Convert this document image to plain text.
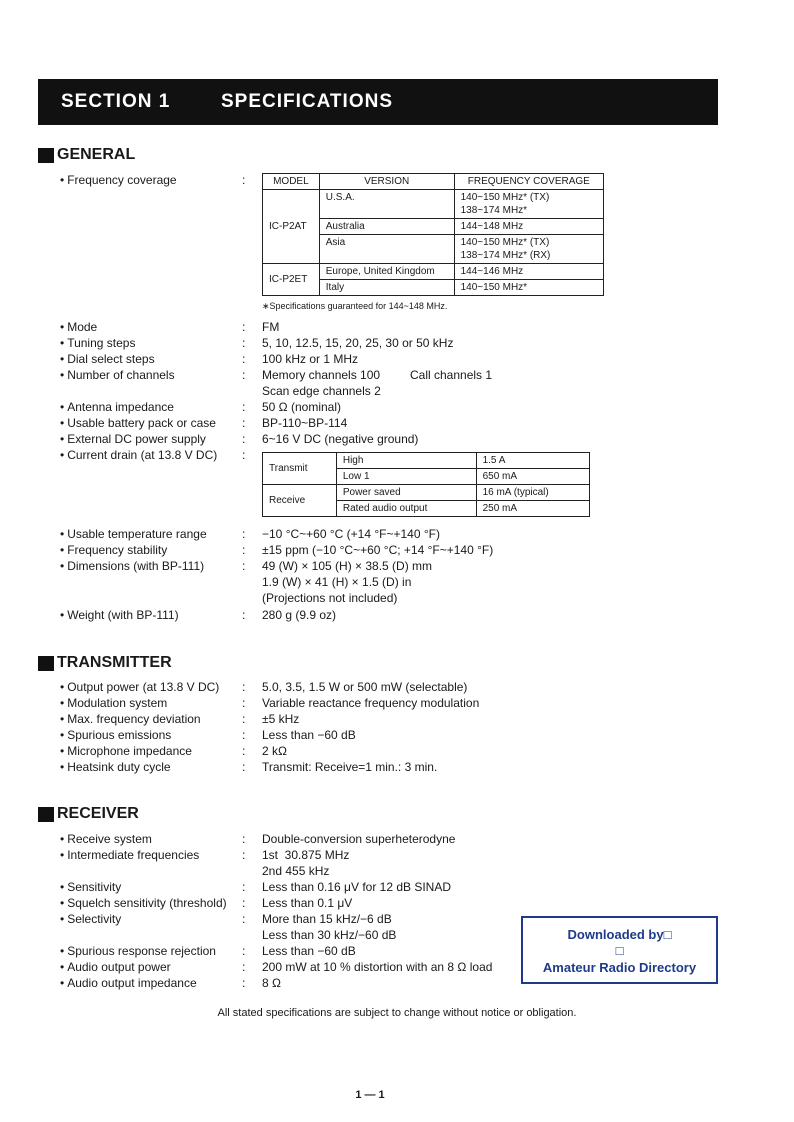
SECTION 1	SPECIFICATIONS
GENERAL
• Frequency coverage	:	MODEL	VERSION	FREQUENCY COVERAGE
IC-P2AT	U.S.A.	140~150 MHz* (TX)
138~174 MHz*

	Australia	144~148 MHz
	Asia	140~150 MHz* (TX)
138~174 MHz* (RX)

IC-P2ET	Europe, United Kingdom	144~146 MHz
	Italy	140~150 MHz*
∗Specifications guaranteed for 144~148 MHz.
• Mode	: FM
• Tuning steps	: 5, 10, 12.5, 15, 20, 25, 30 or 50 kHz
• Dial select steps	: 100 kHz or 1 MHz
• Number of channels	: Memory channels 100 Call channels 1
Scan edge channels 2
• Antenna impedance	: 50 Ω (nominal)
• Usable battery pack or case : BP-110~BP-114
• External DC power supply	: 6~16 V DC (negative ground)
• Current drain (at 13.8 V DC) :
Transmit	High	1.5 A
	Low 1	650 mA
Receive	Power saved	16 mA (typical)
	Rated audio output	250 mA
• Usable temperature range	: −10 °C~+60 °C (+14 °F~+140 °F)
• Frequency stability	: ±15 ppm (−10 °C~+60 °C; +14 °F~+140 °F)
• Dimensions (with BP-111)	: 49 (W) × 105 (H) × 38.5 (D) mm
1.9 (W) × 41 (H) × 1.5 (D) in
(Projections not included)
• Weight (with BP-111)	: 280 g (9.9 oz)
TRANSMITTER
• Output power (at 13.8 V DC) : 5.0, 3.5, 1.5 W or 500 mW (selectable)
• Modulation system	: Variable reactance frequency modulation
• Max. frequency deviation	: ±5 kHz
• Spurious emissions	: Less than −60 dB
• Microphone impedance	: 2 kΩ
• Heatsink duty cycle	: Transmit: Receive=1 min.: 3 min.
RECEIVER
• Receive system	: Double-conversion superheterodyne
• Intermediate frequencies	: 1st  30.875 MHz
2nd 455 kHz
• Sensitivity	: Less than 0.16 μV for 12 dB SINAD
• Squelch sensitivity (threshold) : Less than 0.1 μV
• Selectivity	: More than 15 kHz/−6 dB
Less than 30 kHz/−60 dB
• Spurious response rejection : Less than −60 dB
• Audio output power	: 200 mW at 10 % distortion with an 8 Ω load
• Audio output impedance	: 8 Ω
Downloaded by□
□
Amateur Radio Directory
All stated specifications are subject to change without notice or obligation.
1 — 1
